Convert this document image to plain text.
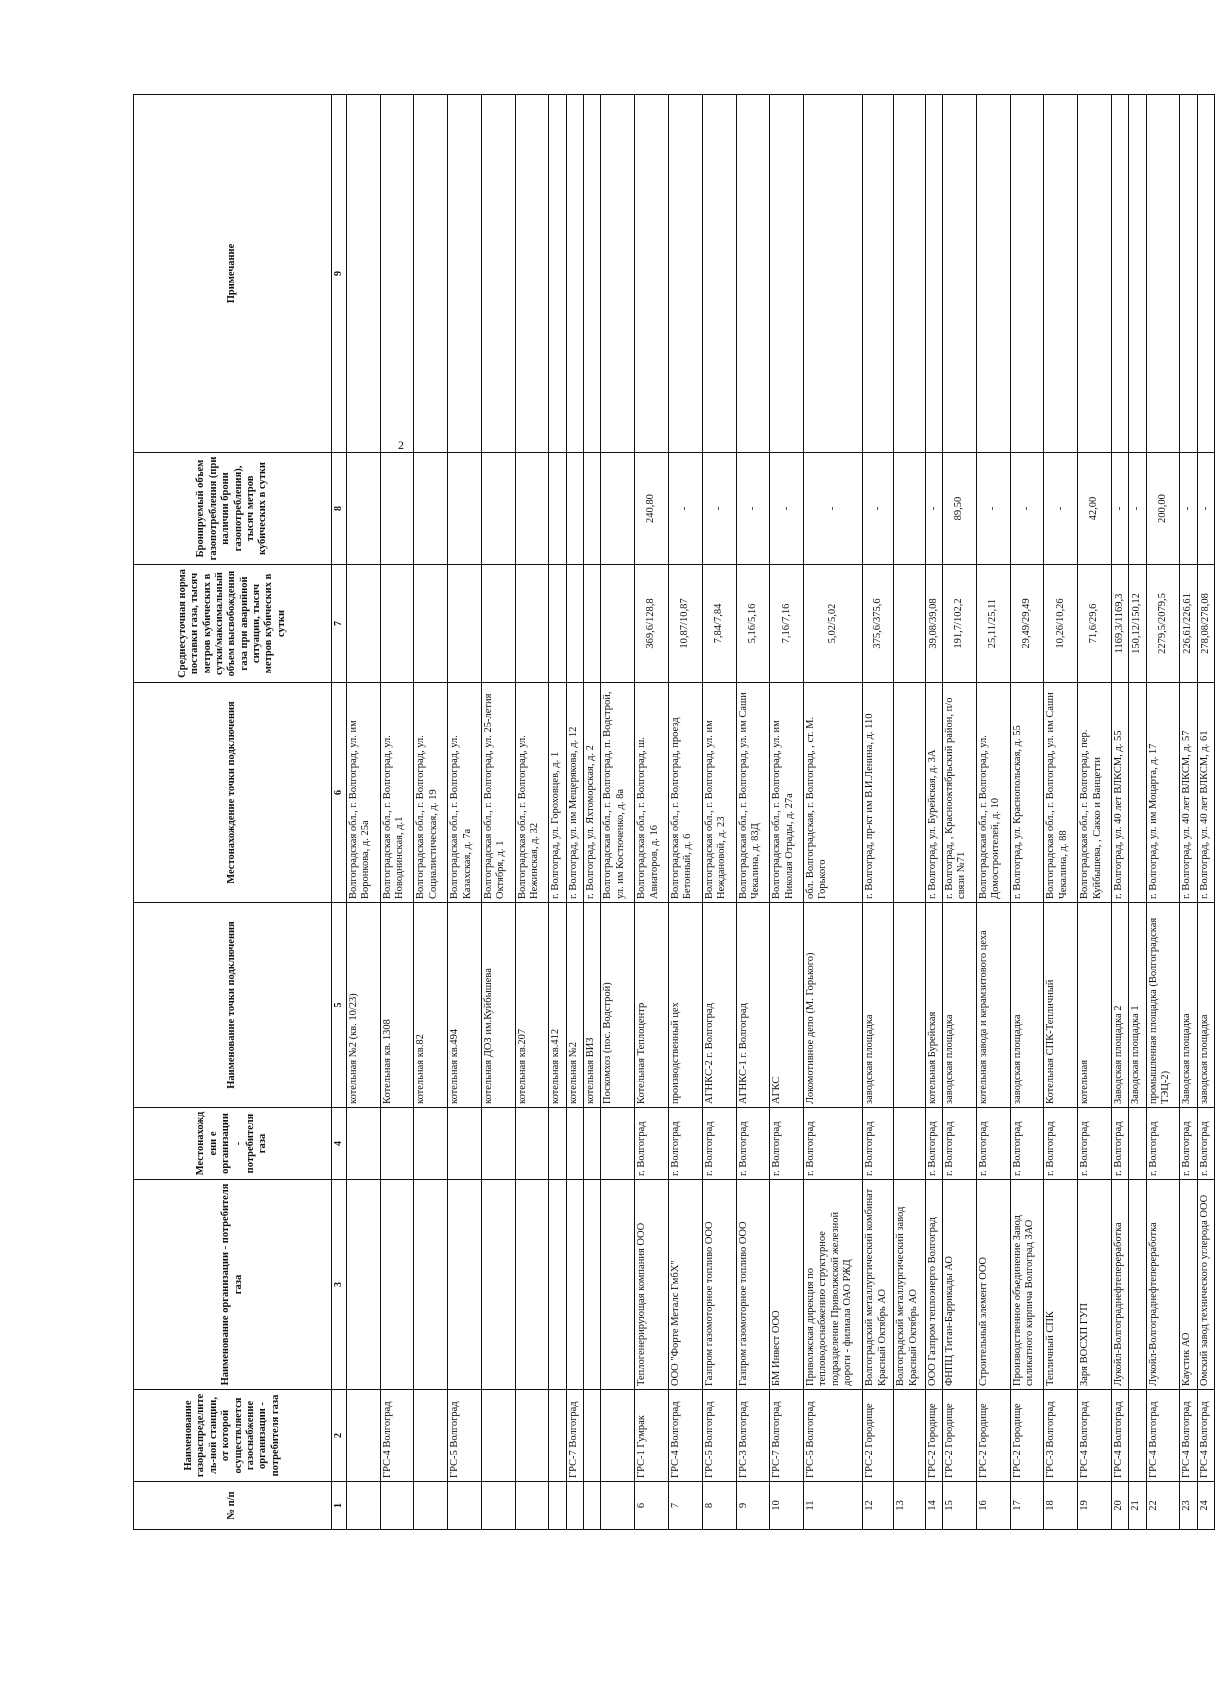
2
№ п/п	Наименование газораспределитель-ной станции, от которой осуществляется газоснабжение организации - потребителя газа	Наименование организации - потребителя газа	Местонахождени е организации - потребителя газа	Наименование точки подключения	Местонахождение точки подключения	Среднесуточная норма поставки газа, тысяч метров кубических в сутки/максимальный объем высвобождения газа при аварийной ситуации, тысяч метров кубических в сутки	Бронируемый объем газопотребления (при наличии брони газопотребления), тысяч метров кубических в сутки	Примечание
1	2	3	4	5	6	7	8	9
				котельная №2 (кв. 10/23)	Волгоградская обл., г. Волгоград, ул. им Воронкова, д. 25а			
	ГРС-4 Волгоград			Котельная кв. 1308	Волгоградская обл., г. Волгоград, ул. Новоднинская, д.1			
				котельная кв.82	Волгоградская обл., г. Волгоград, ул. Социалистическая, д. 19			
	ГРС-5 Волгоград			котельная кв.494	Волгоградская обл., г. Волгоград, ул. Казахская, д. 7а			
				котельная ДОЗ им.Куйбышева	Волгоградская обл., г. Волгоград, ул. 25-летия Октября, д. 1			
				котельная кв.207	Волгоградская обл., г. Волгоград, ул. Нежинская, д. 32			
				котельная кв.412	г. Волгоград, ул. Гороховцев, д. 1			
	ГРС-7 Волгоград			котельная №2	г. Волгоград, ул. им Мещерякова, д. 12			
				котельная ВИЗ	г. Волгоград, ул. Яхтоморская, д. 2			
				Поскомхоз (пос. Водстрой)	Волгоградская обл., г. Волгоград, п. Водстрой, ул. им Костюченко, д. 8а			
6	ГРС-1 Гумрак	Теплогенерирующая компания ООО	г. Волгоград	Котельная Теплоцентр	Волгоградская обл., г. Волгоград, ш. Авиаторов, д. 16	369,6/128,8	240,80	
7	ГРС-4 Волгоград	ООО "Форте Металс ГмбХ"	г. Волгоград	производственный цех	Волгоградская обл., г. Волгоград, проезд Бетонный, д. 6	10,87/10,87	-	
8	ГРС-5 Волгоград	Газпром газомоторное топливо ООО	г. Волгоград	АГНКС-2 г. Волгоград	Волгоградская обл., г. Волгоград, ул. им Неждановой, д. 23	7,84/7,84	-	
9	ГРС-3 Волгоград	Газпром газомоторное топливо ООО	г. Волгоград	АГНКС-1 г. Волгоград	Волгоградская обл., г. Волгоград, ул. им Саши Чекалина, д. 83Д	5,16/5,16	-	
10	ГРС-7 Волгоград	БМ Инвест ООО	г. Волгоград	АГКС	Волгоградская обл., г. Волгоград, ул. им Николая Отрады, д. 27а	7,16/7,16	-	
11	ГРС-5 Волгоград	Приволжская дирекция по тепловодоснабжению структурное подразделение Приволжской железной дороги - филиала ОАО РЖД	г. Волгоград	Локомотивное депо (М. Горького)	обл. Волгоградская, г. Волгоград, , ст. М. Горького	5,02/5,02	-	
12	ГРС-2 Городище	Волгоградский металлургический комбинат Красный Октябрь АО	г. Волгоград	заводская площадка	г. Волгоград, пр-кт им В.И.Ленина, д. 110	375,6/375,6	-	
13		Волгоградский металлургический завод Красный Октябрь АО						
14	ГРС-2 Городище	ООО Газпром теплоэнерго Волгоград	г. Волгоград	котельная Бурейская	г. Волгоград, ул. Бурейская, д. 3А	39,08/39,08	-	
15	ГРС-2 Городище	ФНПЦ Титан-Баррикады АО	г. Волгоград	заводская площадка	г. Волгоград, , Краснооктябрьский район, п/о связи №71	191,7/102,2	89,50	
16	ГРС-2 Городище	Строительный элемент ООО	г. Волгоград	котельная завода и керамзитового цеха	Волгоградская обл., г. Волгоград, ул. Домостроителей, д. 10	25,11/25,11	-	
17	ГРС-2 Городище	Производственное объединение Завод силикатного кирпича Волгоград ЗАО	г. Волгоград	заводская площадка	г. Волгоград, ул. Краснопольская, д. 55	29,49/29,49	-	
18	ГРС-3 Волгоград	Тепличный СПК	г. Волгоград	Котельная СПК-Тепличный	Волгоградская обл., г. Волгоград, ул. им Саши Чекалина, д. 88	10,26/10,26	-	
19	ГРС-4 Волгоград	Заря ВОСХП ГУП	г. Волгоград	котельная	Волгоградская обл., г. Волгоград, пер. Куйбышева, , Сакко и Ванцетти	71,6/29,6	42,00	
20	ГРС-4 Волгоград	Лукойл-Волгограднефтепереработка	г. Волгоград	Заводская площадка 2	г. Волгоград, ул. 40 лет ВЛКСМ, д. 55	1169,3/1169,3	-	
21				Заводская площадка 1		150,12/150,12	-	
22	ГРС-4 Волгоград	Лукойл-Волгограднефтепереработка	г. Волгоград	промышленная площадка (Волгоградская ТЭЦ-2)	г. Волгоград, ул. им Моцарта, д. 17	2279,5/2079,5	200,00	
23	ГРС-4 Волгоград	Каустик АО	г. Волгоград	Заводская площадка	г. Волгоград, ул. 40 лет ВЛКСМ, д. 57	226,61/226,61	-	
24	ГРС-4 Волгоград	Омский завод технического углерода ООО	г. Волгоград	заводская площадка	г. Волгоград, ул. 40 лет ВЛКСМ, д. 61	278,08/278,08	-	
